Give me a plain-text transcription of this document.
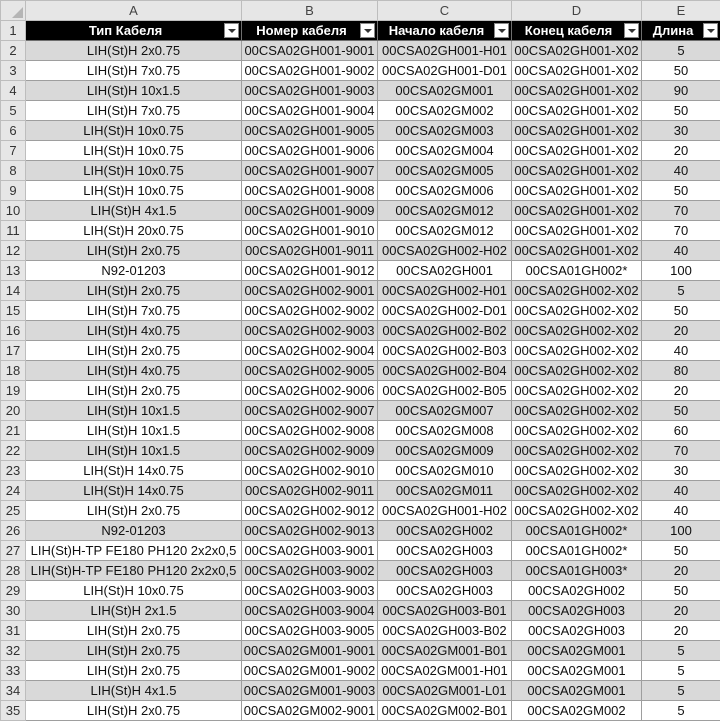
	A	B	C	D	E
1	Тип Кабеля	Номер кабеля	Начало кабеля	Конец кабеля	Длина

2	LIH(St)H 2x0.75	00CSA02GH001-9001	00CSA02GH001-H01	00CSA02GH001-X02	5
3	LIH(St)H 7x0.75	00CSA02GH001-9002	00CSA02GH001-D01	00CSA02GH001-X02	50
4	LIH(St)H 10x1.5	00CSA02GH001-9003	00CSA02GM001	00CSA02GH001-X02	90
5	LIH(St)H 7x0.75	00CSA02GH001-9004	00CSA02GM002	00CSA02GH001-X02	50
6	LIH(St)H 10x0.75	00CSA02GH001-9005	00CSA02GM003	00CSA02GH001-X02	30
7	LIH(St)H 10x0.75	00CSA02GH001-9006	00CSA02GM004	00CSA02GH001-X02	20
8	LIH(St)H 10x0.75	00CSA02GH001-9007	00CSA02GM005	00CSA02GH001-X02	40
9	LIH(St)H 10x0.75	00CSA02GH001-9008	00CSA02GM006	00CSA02GH001-X02	50
10	LIH(St)H 4x1.5	00CSA02GH001-9009	00CSA02GM012	00CSA02GH001-X02	70
11	LIH(St)H 20x0.75	00CSA02GH001-9010	00CSA02GM012	00CSA02GH001-X02	70
12	LIH(St)H 2x0.75	00CSA02GH001-9011	00CSA02GH002-H02	00CSA02GH001-X02	40
13	N92-01203	00CSA02GH001-9012	00CSA02GH001	00CSA01GH002*	100
14	LIH(St)H 2x0.75	00CSA02GH002-9001	00CSA02GH002-H01	00CSA02GH002-X02	5
15	LIH(St)H 7x0.75	00CSA02GH002-9002	00CSA02GH002-D01	00CSA02GH002-X02	50
16	LIH(St)H 4x0.75	00CSA02GH002-9003	00CSA02GH002-B02	00CSA02GH002-X02	20
17	LIH(St)H 2x0.75	00CSA02GH002-9004	00CSA02GH002-B03	00CSA02GH002-X02	40
18	LIH(St)H 4x0.75	00CSA02GH002-9005	00CSA02GH002-B04	00CSA02GH002-X02	80
19	LIH(St)H 2x0.75	00CSA02GH002-9006	00CSA02GH002-B05	00CSA02GH002-X02	20
20	LIH(St)H 10x1.5	00CSA02GH002-9007	00CSA02GM007	00CSA02GH002-X02	50
21	LIH(St)H 10x1.5	00CSA02GH002-9008	00CSA02GM008	00CSA02GH002-X02	60
22	LIH(St)H 10x1.5	00CSA02GH002-9009	00CSA02GM009	00CSA02GH002-X02	70
23	LIH(St)H 14x0.75	00CSA02GH002-9010	00CSA02GM010	00CSA02GH002-X02	30
24	LIH(St)H 14x0.75	00CSA02GH002-9011	00CSA02GM011	00CSA02GH002-X02	40
25	LIH(St)H 2x0.75	00CSA02GH002-9012	00CSA02GH001-H02	00CSA02GH002-X02	40
26	N92-01203	00CSA02GH002-9013	00CSA02GH002	00CSA01GH002*	100
27	LIH(St)H-TP FE180 PH120 2x2x0,5	00CSA02GH003-9001	00CSA02GH003	00CSA01GH002*	50
28	LIH(St)H-TP FE180 PH120 2x2x0,5	00CSA02GH003-9002	00CSA02GH003	00CSA01GH003*	20
29	LIH(St)H 10x0.75	00CSA02GH003-9003	00CSA02GH003	00CSA02GH002	50
30	LIH(St)H 2x1.5	00CSA02GH003-9004	00CSA02GH003-B01	00CSA02GH003	20
31	LIH(St)H 2x0.75	00CSA02GH003-9005	00CSA02GH003-B02	00CSA02GH003	20
32	LIH(St)H 2x0.75	00CSA02GM001-9001	00CSA02GM001-B01	00CSA02GM001	5
33	LIH(St)H 2x0.75	00CSA02GM001-9002	00CSA02GM001-H01	00CSA02GM001	5
34	LIH(St)H 4x1.5	00CSA02GM001-9003	00CSA02GM001-L01	00CSA02GM001	5
35	LIH(St)H 2x0.75	00CSA02GM002-9001	00CSA02GM002-B01	00CSA02GM002	5
